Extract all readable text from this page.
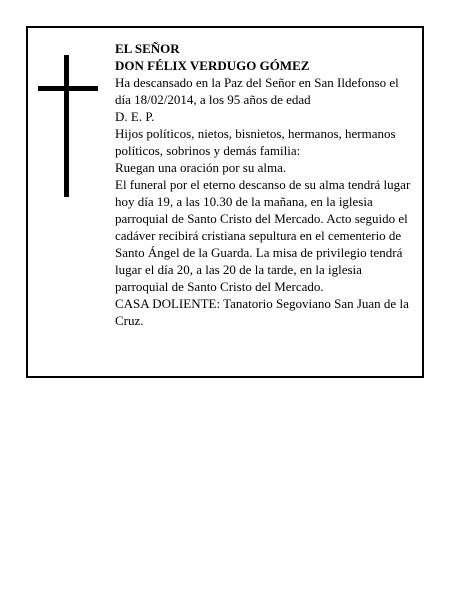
EL SEÑOR
DON FÉLIX VERDUGO GÓMEZ
Ha descansado en la Paz del Señor en San Ildefonso el día 18/02/2014, a los 95 años de edad
D. E. P.
Hijos políticos, nietos, bisnietos, hermanos, hermanos políticos, sobrinos y demás familia:
Ruegan una oración por su alma.
El funeral por el eterno descanso de su alma tendrá lugar hoy día 19, a las 10.30 de la mañana, en la iglesia parroquial de Santo Cristo del Mercado. Acto seguido el cadáver recibirá cristiana sepultura en el cementerio de Santo Ángel de la Guarda. La misa de privilegio tendrá lugar el día 20, a las 20 de la tarde, en la iglesia parroquial de Santo Cristo del Mercado.
CASA DOLIENTE: Tanatorio Segoviano San Juan de la Cruz.
